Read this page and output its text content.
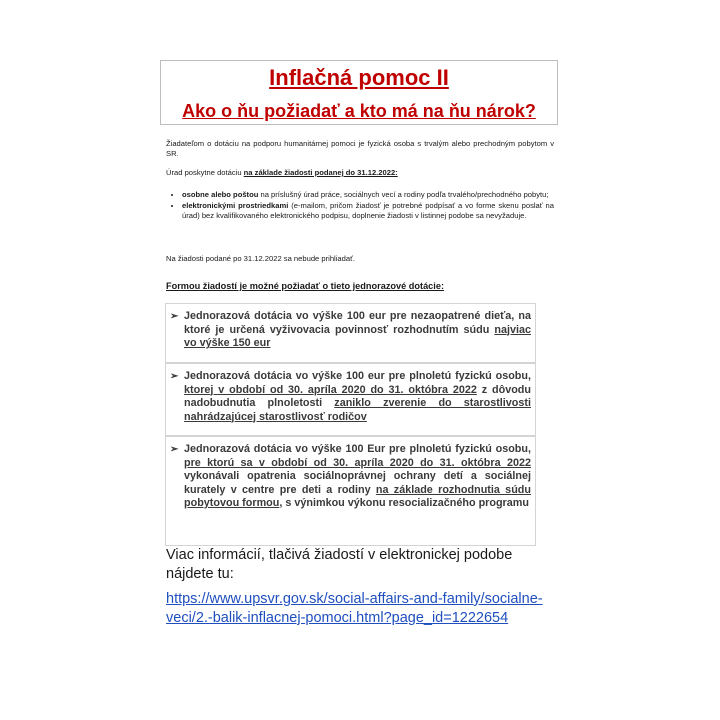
Inflačná pomoc II
Ako o ňu požiadať a kto má na ňu nárok?
Žiadateľom o dotáciu na podporu humanitárnej pomoci je fyzická osoba s trvalým alebo prechodným pobytom v SR.
Úrad poskytne dotáciu na základe žiadosti podanej do 31.12.2022:
• osobne alebo poštou na príslušný úrad práce, sociálnych vecí a rodiny podľa trvalého/prechodného pobytu;
• elektronickými prostriedkami (e-mailom, pričom žiadosť je potrebné podpísať a vo forme skenu poslať na úrad) bez kvalifikovaného elektronického podpisu, doplnenie žiadosti v listinnej podobe sa nevyžaduje.
Na žiadosti podané po 31.12.2022 sa nebude prihliadať.
Formou žiadostí je možné požiadať o tieto jednorazové dotácie:
➢ Jednorazová dotácia vo výške 100 eur pre nezaopatrené dieťa, na ktoré je určená vyživovacia povinnosť rozhodnutím súdu najviac vo výške 150 eur
➢ Jednorazová dotácia vo výške 100 eur pre plnoletú fyzickú osobu, ktorej v období od 30. apríla 2020 do 31. októbra 2022 z dôvodu nadobudnutia plnoletosti zaniklo zverenie do starostlivosti nahrádzajúcej starostlivosť rodičov
➢ Jednorazová dotácia vo výške 100 Eur pre plnoletú fyzickú osobu, pre ktorú sa v období od 30. apríla 2020 do 31. októbra 2022 vykonávali opatrenia sociálnoprávnej ochrany detí a sociálnej kurately v centre pre deti a rodiny na základe rozhodnutia súdu pobytovou formou, s výnimkou výkonu resocializačného programu
Viac informácií, tlačivá žiadostí v elektronickej podobe nájdete tu:
https://www.upsvr.gov.sk/social-affairs-and-family/socialne-veci/2.-balik-inflacnej-pomoci.html?page_id=1222654
